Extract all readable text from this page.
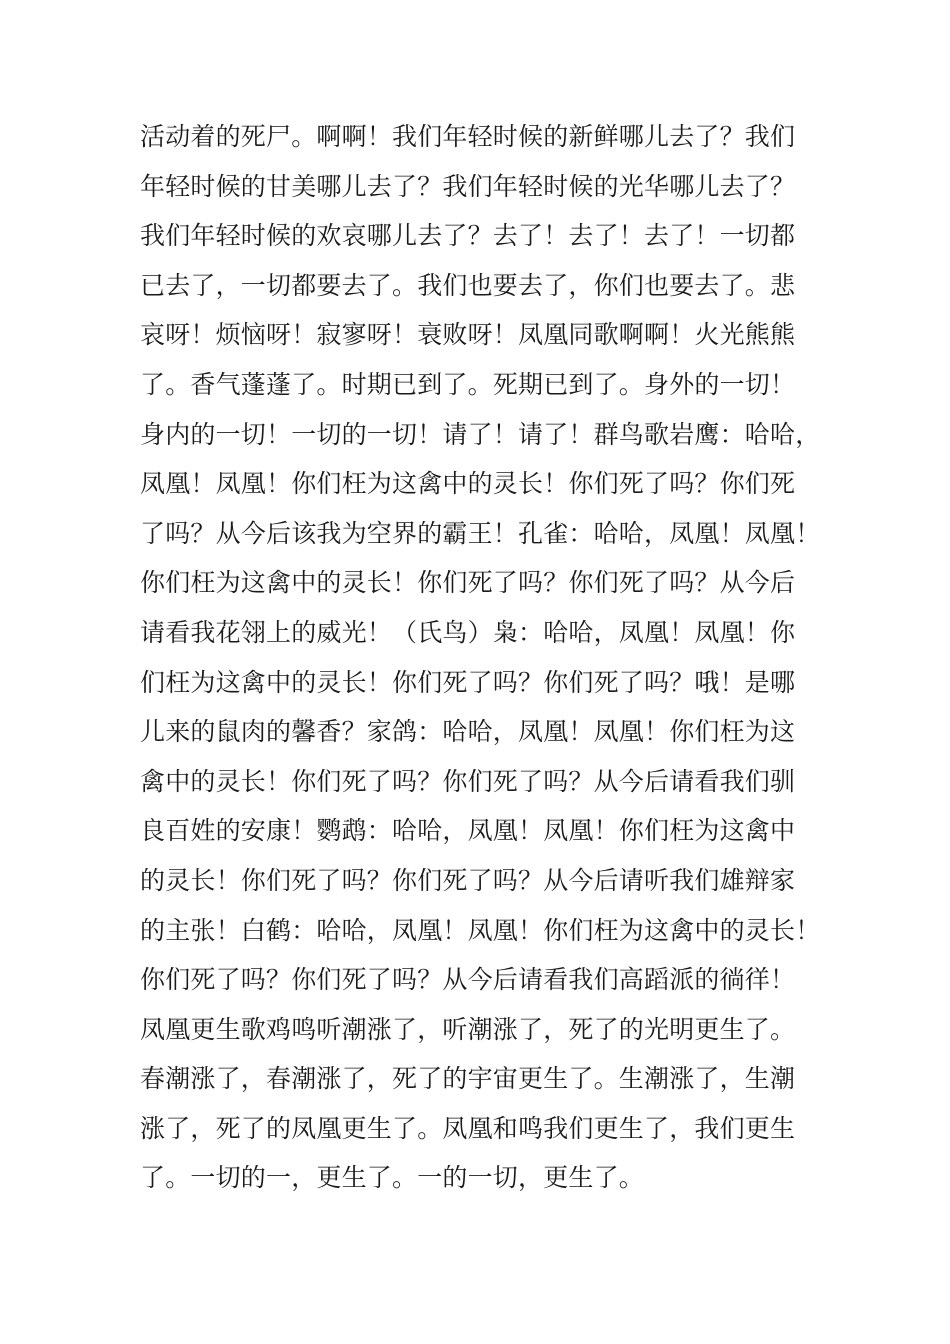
活动着的死尸。啊啊！我们年轻时候的新鲜哪儿去了？我们
年轻时候的甘美哪儿去了？我们年轻时候的光华哪儿去了？
我们年轻时候的欢哀哪儿去了？去了！去了！去了！一切都
已去了，一切都要去了。我们也要去了，你们也要去了。悲
哀呀！烦恼呀！寂寥呀！衰败呀！凤凰同歌啊啊！火光熊熊
了。香气蓬蓬了。时期已到了。死期已到了。身外的一切！
身内的一切！一切的一切！请了！请了！群鸟歌岩鹰：哈哈，
凤凰！凤凰！你们枉为这禽中的灵长！你们死了吗？你们死
了吗？从今后该我为空界的霸王！孔雀：哈哈，凤凰！凤凰！
你们枉为这禽中的灵长！你们死了吗？你们死了吗？从今后
请看我花翎上的威光！（氏鸟）枭：哈哈，凤凰！凤凰！你
们枉为这禽中的灵长！你们死了吗？你们死了吗？哦！是哪
儿来的鼠肉的馨香？家鸽：哈哈，凤凰！凤凰！你们枉为这
禽中的灵长！你们死了吗？你们死了吗？从今后请看我们驯
良百姓的安康！鹦鹉：哈哈，凤凰！凤凰！你们枉为这禽中
的灵长！你们死了吗？你们死了吗？从今后请听我们雄辩家
的主张！白鹤：哈哈，凤凰！凤凰！你们枉为这禽中的灵长！
你们死了吗？你们死了吗？从今后请看我们高蹈派的徜徉！
凤凰更生歌鸡鸣听潮涨了，听潮涨了，死了的光明更生了。
春潮涨了，春潮涨了，死了的宇宙更生了。生潮涨了，生潮
涨了，死了的凤凰更生了。凤凰和鸣我们更生了，我们更生
了。一切的一，更生了。一的一切，更生了。
